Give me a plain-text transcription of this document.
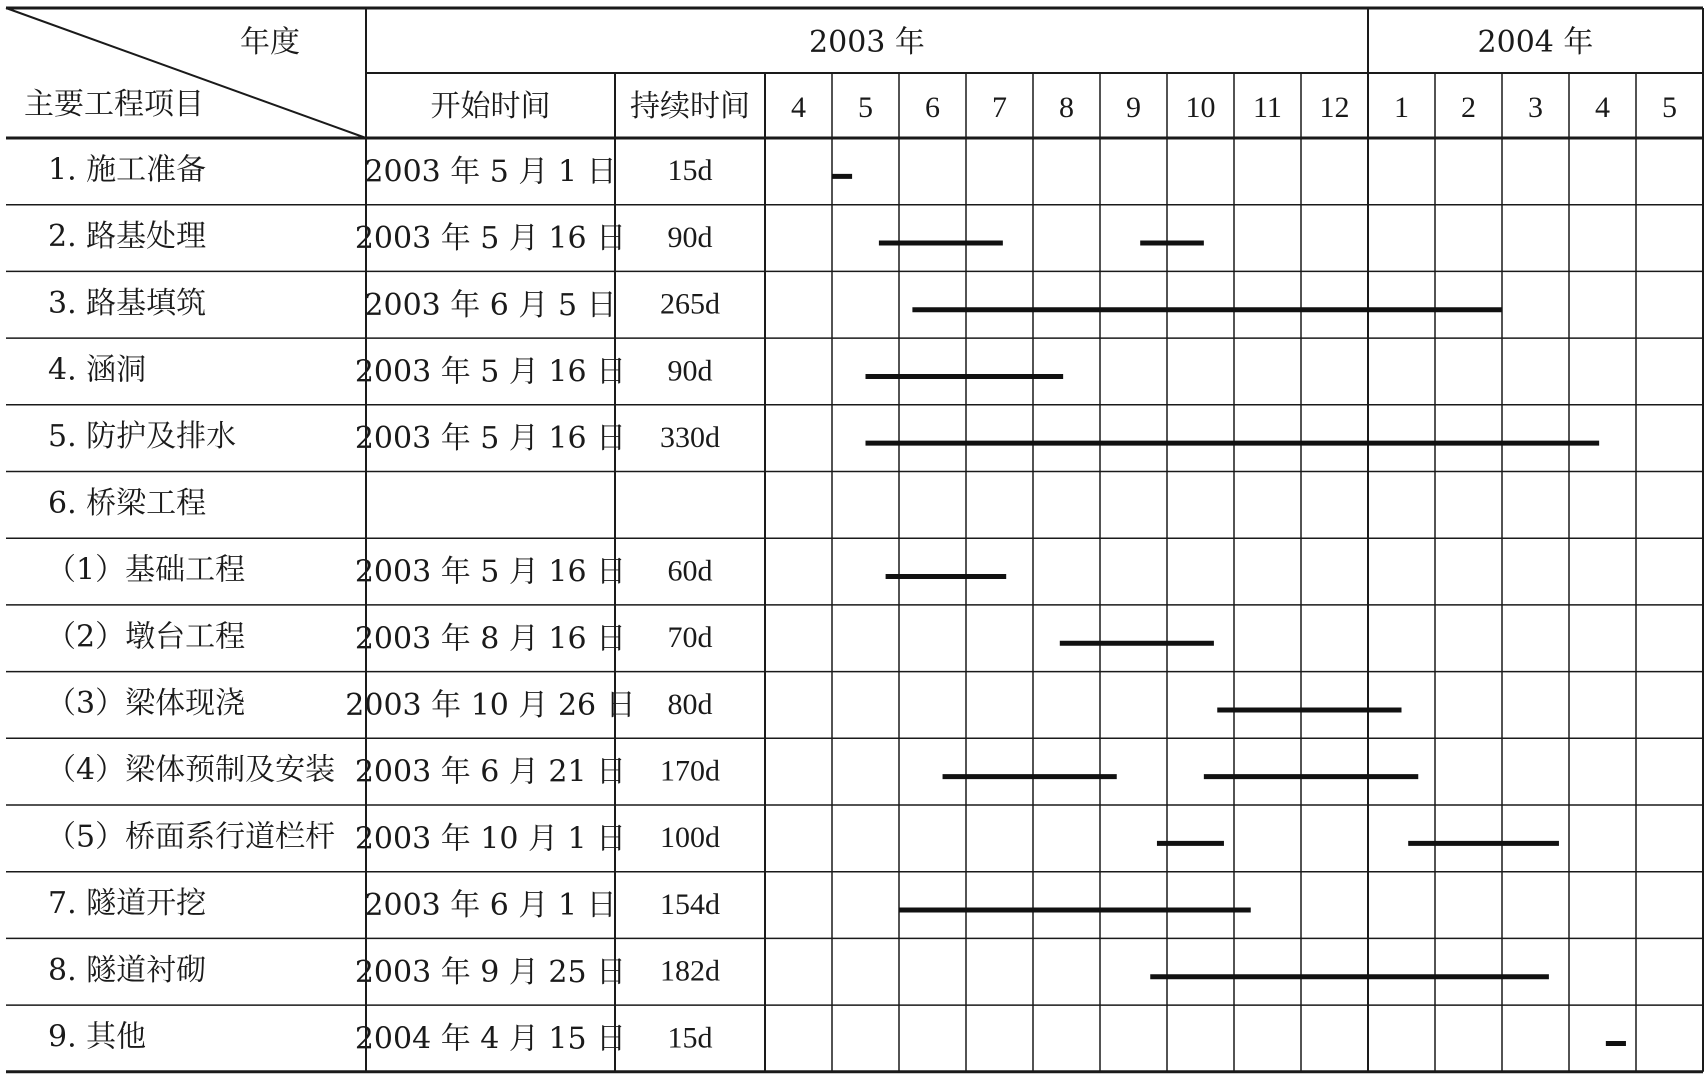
年度
主要工程项目
2003 年	2004 年
开始时间	持续时间 4 5 6 7 8 9 10 11 12 1 2 3 4 5
1. 施工准备	2003 年 5 月 1 日 15d
2. 路基处理	2003 年 5 月 16 日 90d
3. 路基填筑	2003 年 6 月 5 日 265d
4. 涵洞	2003 年 5 月 16 日 90d
5. 防护及排水	2003 年 5 月 16 日 330d
6. 桥梁工程
（1）基础工程	2003 年 5 月 16 日 60d
（2）墩台工程	2003 年 8 月 16 日 70d
（3）梁体现浇	2003 年 10 月 26 日 80d
（4）梁体预制及安装 2003 年 6 月 21 日 170d
（5）桥面系行道栏杆 2003 年 10 月 1 日 100d
7. 隧道开挖	2003 年 6 月 1 日 154d
8. 隧道衬砌	2003 年 9 月 25 日 182d
9. 其他	2004 年 4 月 15 日 15d
